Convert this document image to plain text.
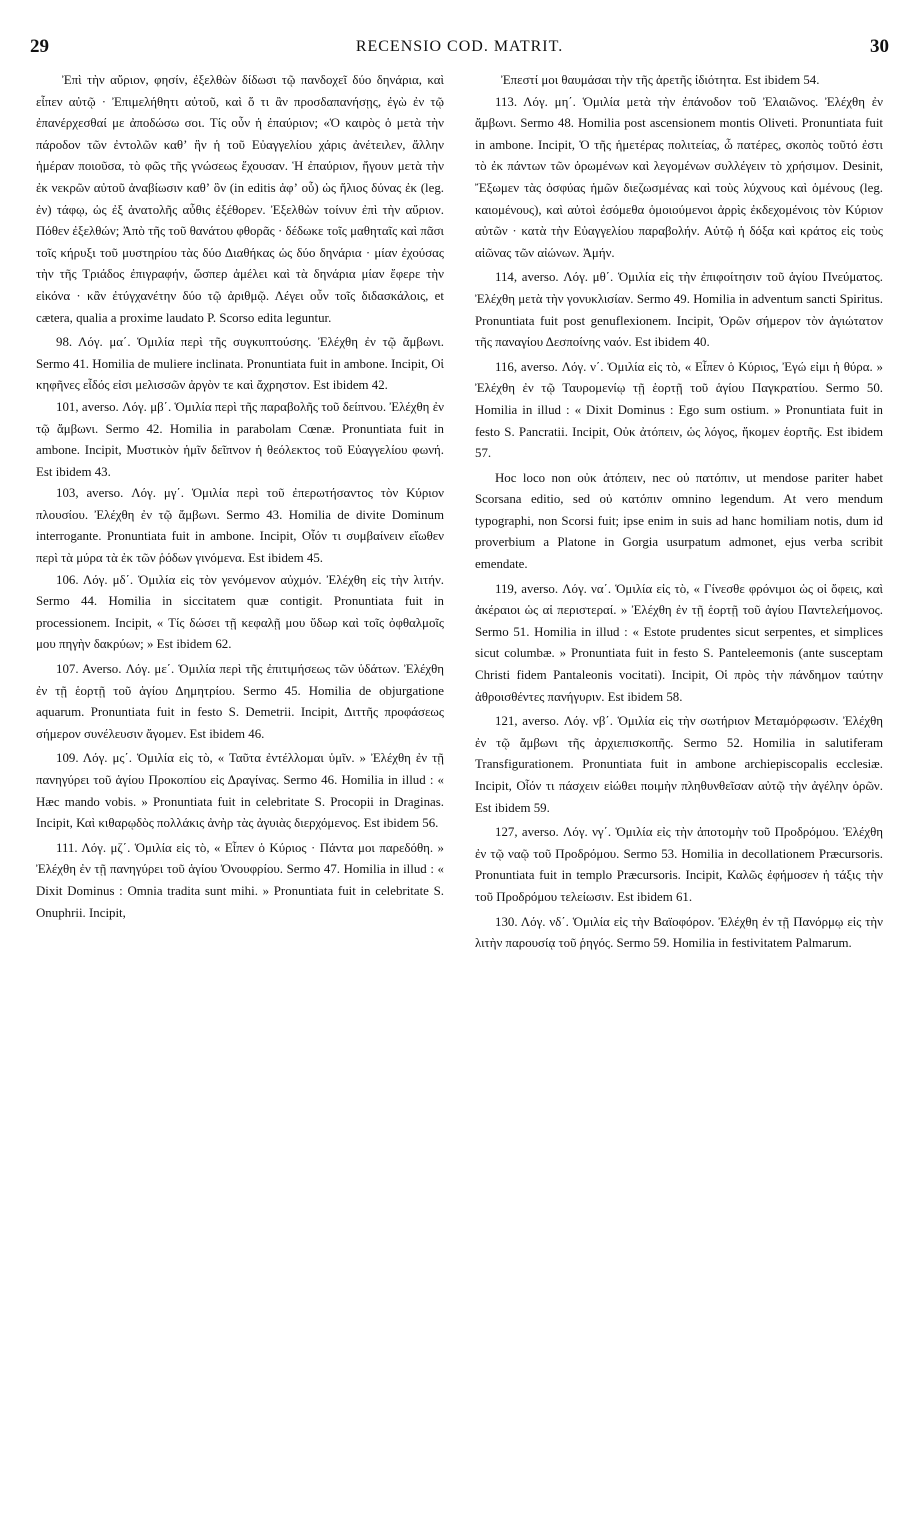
29	RECENSIO COD. MATRIT.	30

Ἐπὶ τὴν αὔριον, φησίν, ἐξελθὼν δίδωσι τῷ πανδοχεῖ δύο δηνάρια, καὶ εἶπεν αὐτῷ · Ἐπιμελήθητι αὐτοῦ, καὶ ὅ τι ἂν προσδαπανήσῃς, ἐγὼ ἐν τῷ ἐπανέρχεσθαί με ἀποδώσω σοι. Τίς οὖν ἡ ἐπαύριον; «Ὁ καιρὸς ὁ μετὰ τὴν πάροδον τῶν ἐντολῶν καθʼ ἣν ἡ τοῦ Εὐαγγελίου χάρις ἀνέτειλεν, ἄλλην ἡμέραν ποιοῦσα, τὸ φῶς τῆς γνώσεως ἔχουσαν. Ἡ ἐπαύριον, ἤγουν μετὰ τὴν ἐκ νεκρῶν αὐτοῦ ἀναβίωσιν καθʼ ὃν (in editis ἀφʼ οὗ) ὡς ἥλιος δύνας ἐκ (leg. ἐν) τάφῳ, ὡς ἐξ ἀνατολῆς αὖθις ἐξέθορεν. Ἐξελθὼν τοίνυν ἐπὶ τὴν αὔριον. Πόθεν ἐξελθών; Ἀπὸ τῆς τοῦ θανάτου φθορᾶς · δέδωκε τοῖς μαθηταῖς καὶ πᾶσι τοῖς κήρυξι τοῦ μυστηρίου τὰς δύο Διαθήκας ὡς δύο δηνάρια · μίαν ἐχούσας τὴν τῆς Τριάδος ἐπιγραφήν, ὥσπερ ἀμέλει καὶ τὰ δηνάρια μίαν ἔφερε τὴν εἰκόνα · κἂν ἐτύγχανέτην δύο τῷ ἀριθμῷ. Λέγει οὖν τοῖς διδασκάλοις, et cætera, qualia a proxime laudato P. Scorso edita leguntur.

98. Λόγ. μα΄. Ὁμιλία περὶ τῆς συγκυπτούσης. Ἐλέχθη ἐν τῷ ἄμβωνι. Sermo 41. Homilia de muliere inclinata. Pronuntiata fuit in ambone. Incipit, Οἱ κηφῆνες εἶδός εἰσι μελισσῶν ἀργὸν τε καὶ ἄχρηστον. Est ibidem 42.

101, averso. Λόγ. μβ΄. Ὁμιλία περὶ τῆς παραβολῆς τοῦ δείπνου. Ἐλέχθη ἐν τῷ ἄμβωνι. Sermo 42. Homilia in parabolam Cœnæ. Pronuntiata fuit in ambone. Incipit, Μυστικὸν ἡμῖν δεῖπνον ἡ θεόλεκτος τοῦ Εὐαγγελίου φωνή. Est ibidem 43.

103, averso. Λόγ. μγ΄. Ὁμιλία περὶ τοῦ ἐπερωτήσαντος τὸν Κύριον πλουσίου. Ἐλέχθη ἐν τῷ ἄμβωνι. Sermo 43. Homilia de divite Dominum interrogante. Pronuntiata fuit in ambone. Incipit, Οἶόν τι συμβαίνειν εἴωθεν περὶ τὰ μύρα τὰ ἐκ τῶν ῥόδων γινόμενα. Est ibidem 45.

106. Λόγ. μδ΄. Ὁμιλία εἰς τὸν γενόμενον αὐχμόν. Ἐλέχθη εἰς τὴν λιτήν. Sermo 44. Homilia in siccitatem quæ contigit. Pronuntiata fuit in processionem. Incipit, « Τίς δώσει τῇ κεφαλῇ μου ὕδωρ καὶ τοῖς ὀφθαλμοῖς μου πηγὴν δακρύων; » Est ibidem 62.

107. Averso. Λόγ. με΄. Ὁμιλία περὶ τῆς ἐπιτιμήσεως τῶν ὑδάτων. Ἐλέχθη ἐν τῇ ἑορτῇ τοῦ ἁγίου Δημητρίου. Sermo 45. Homilia de objurgatione aquarum. Pronuntiata fuit in festo S. Demetrii. Incipit, Διττῆς προφάσεως σήμερον συνέλευσιν ἄγομεν. Est ibidem 46.

109. Λόγ. μς΄. Ὁμιλία εἰς τὸ, « Ταῦτα ἐντέλλομαι ὑμῖν. » Ἐλέχθη ἐν τῇ πανηγύρει τοῦ ἁγίου Προκοπίου εἰς Δραγίνας. Sermo 46. Homilia in illud : « Hæc mando vobis. » Pronuntiata fuit in celebritate S. Procopii in Draginas. Incipit, Καὶ κιθαρῳδὸς πολλάκις ἀνὴρ τὰς ἀγυιὰς διερχόμενος. Est ibidem 56.

111. Λόγ. μζ΄. Ὁμιλία εἰς τὸ, « Εἶπεν ὁ Κύριος · Πάντα μοι παρεδόθη. » Ἐλέχθη ἐν τῇ πανηγύρει τοῦ ἁγίου Ὀνουφρίου. Sermo 47. Homilia in illud : « Dixit Dominus : Omnia tradita sunt mihi. » Pronuntiata fuit in celebritate S. Onuphrii. Incipit,

Ἐπεστί μοι θαυμάσαι τὴν τῆς ἀρετῆς ἰδιότητα. Est ibidem 54.

113. Λόγ. μη΄. Ὁμιλία μετὰ τὴν ἐπάνοδον τοῦ Ἐλαιῶνος. Ἐλέχθη ἐν ἄμβωνι. Sermo 48. Homilia post ascensionem montis Oliveti. Pronuntiata fuit in ambone. Incipit, Ὁ τῆς ἡμετέρας πολιτείας, ὦ πατέρες, σκοπὸς τοῦτό ἐστι τὸ ἐκ πάντων τῶν ὁρωμένων καὶ λεγομένων συλλέγειν τὸ χρήσιμον. Desinit, Ἔξωμεν τὰς ὀσφύας ἡμῶν διεζωσμένας καὶ τοὺς λύχνους καὶ ὁμένους (leg. καιομένους), καὶ αὐτοὶ ἐσόμεθα ὁμοιούμενοι ἀρρὶς ἐκδεχομένοις τὸν Κύριον αὐτῶν · κατὰ τὴν Εὐαγγελίου παραβολήν. Αὐτῷ ἡ δόξα καὶ κράτος εἰς τοὺς αἰῶνας τῶν αἰώνων. Ἀμήν.

114, averso. Λόγ. μθ΄. Ὁμιλία εἰς τὴν ἐπιφοίτησιν τοῦ ἁγίου Πνεύματος. Ἐλέχθη μετὰ τὴν γονυκλισίαν. Sermo 49. Homilia in adventum sancti Spiritus. Pronuntiata fuit post genuflexionem. Incipit, Ὁρῶν σήμερον τὸν ἁγιώτατον τῆς παναγίου Δεσποίνης ναόν. Est ibidem 40.

116, averso. Λόγ. ν΄. Ὁμιλία εἰς τὸ, « Εἶπεν ὁ Κύριος, Ἐγώ εἰμι ἡ θύρα. » Ἐλέχθη ἐν τῷ Ταυρομενίῳ τῇ ἑορτῇ τοῦ ἁγίου Παγκρατίου. Sermo 50. Homilia in illud : « Dixit Dominus : Ego sum ostium. » Pronuntiata fuit in festo S. Pancratii. Incipit, Οὐκ ἀτόπειν, ὡς λόγος, ἥκομεν ἑορτῆς. Est ibidem 57.

Hoc loco non οὐκ ἀτόπειν, nec οὐ πατόπιν, ut mendose pariter habet Scorsana editio, sed οὐ κατόπιν omnino legendum. At vero mendum typographi, non Scorsi fuit; ipse enim in suis ad hanc homiliam notis, dum id proverbium a Platone in Gorgia usurpatum admonet, ejus verba scribit emendate.

119, averso. Λόγ. να΄. Ὁμιλία εἰς τὸ, « Γίνεσθε φρόνιμοι ὡς οἱ ὄφεις, καὶ ἀκέραιοι ὡς αἱ περιστεραί. » Ἐλέχθη ἐν τῇ ἑορτῇ τοῦ ἁγίου Παντελεήμονος. Sermo 51. Homilia in illud : « Estote prudentes sicut serpentes, et simplices sicut columbæ. » Pronuntiata fuit in festo S. Panteleemonis (ante susceptam Christi fidem Pantaleonis vocitati). Incipit, Οἱ πρὸς τὴν πάνδημον ταύτην ἀθροισθέντες πανήγυριν. Est ibidem 58.

121, averso. Λόγ. νβ΄. Ὁμιλία εἰς τὴν σωτήριον Μεταμόρφωσιν. Ἐλέχθη ἐν τῷ ἄμβωνι τῆς ἀρχιεπισκοπῆς. Sermo 52. Homilia in salutiferam Transfigurationem. Pronuntiata fuit in ambone archiepiscopalis ecclesiæ. Incipit, Οἷόν τι πάσχειν εἰώθει ποιμὴν πληθυνθεῖσαν αὐτῷ τὴν ἀγέλην ὁρῶν. Est ibidem 59.

127, averso. Λόγ. νγ΄. Ὁμιλία εἰς τὴν ἀποτομὴν τοῦ Προδρόμου. Ἐλέχθη ἐν τῷ ναῷ τοῦ Προδρόμου. Sermo 53. Homilia in decollationem Præcursoris. Pronuntiata fuit in templo Præcursoris. Incipit, Καλῶς ἐφήμοσεν ἡ τάξις τὴν τοῦ Προδρόμου τελείωσιν. Est ibidem 61.

130. Λόγ. νδ΄. Ὁμιλία εἰς τὴν Βαϊοφόρον. Ἐλέχθη ἐν τῇ Πανόρμῳ εἰς τὴν λιτὴν παρουσίᾳ τοῦ ῥηγός. Sermo 59. Homilia in festivitatem Palmarum.
